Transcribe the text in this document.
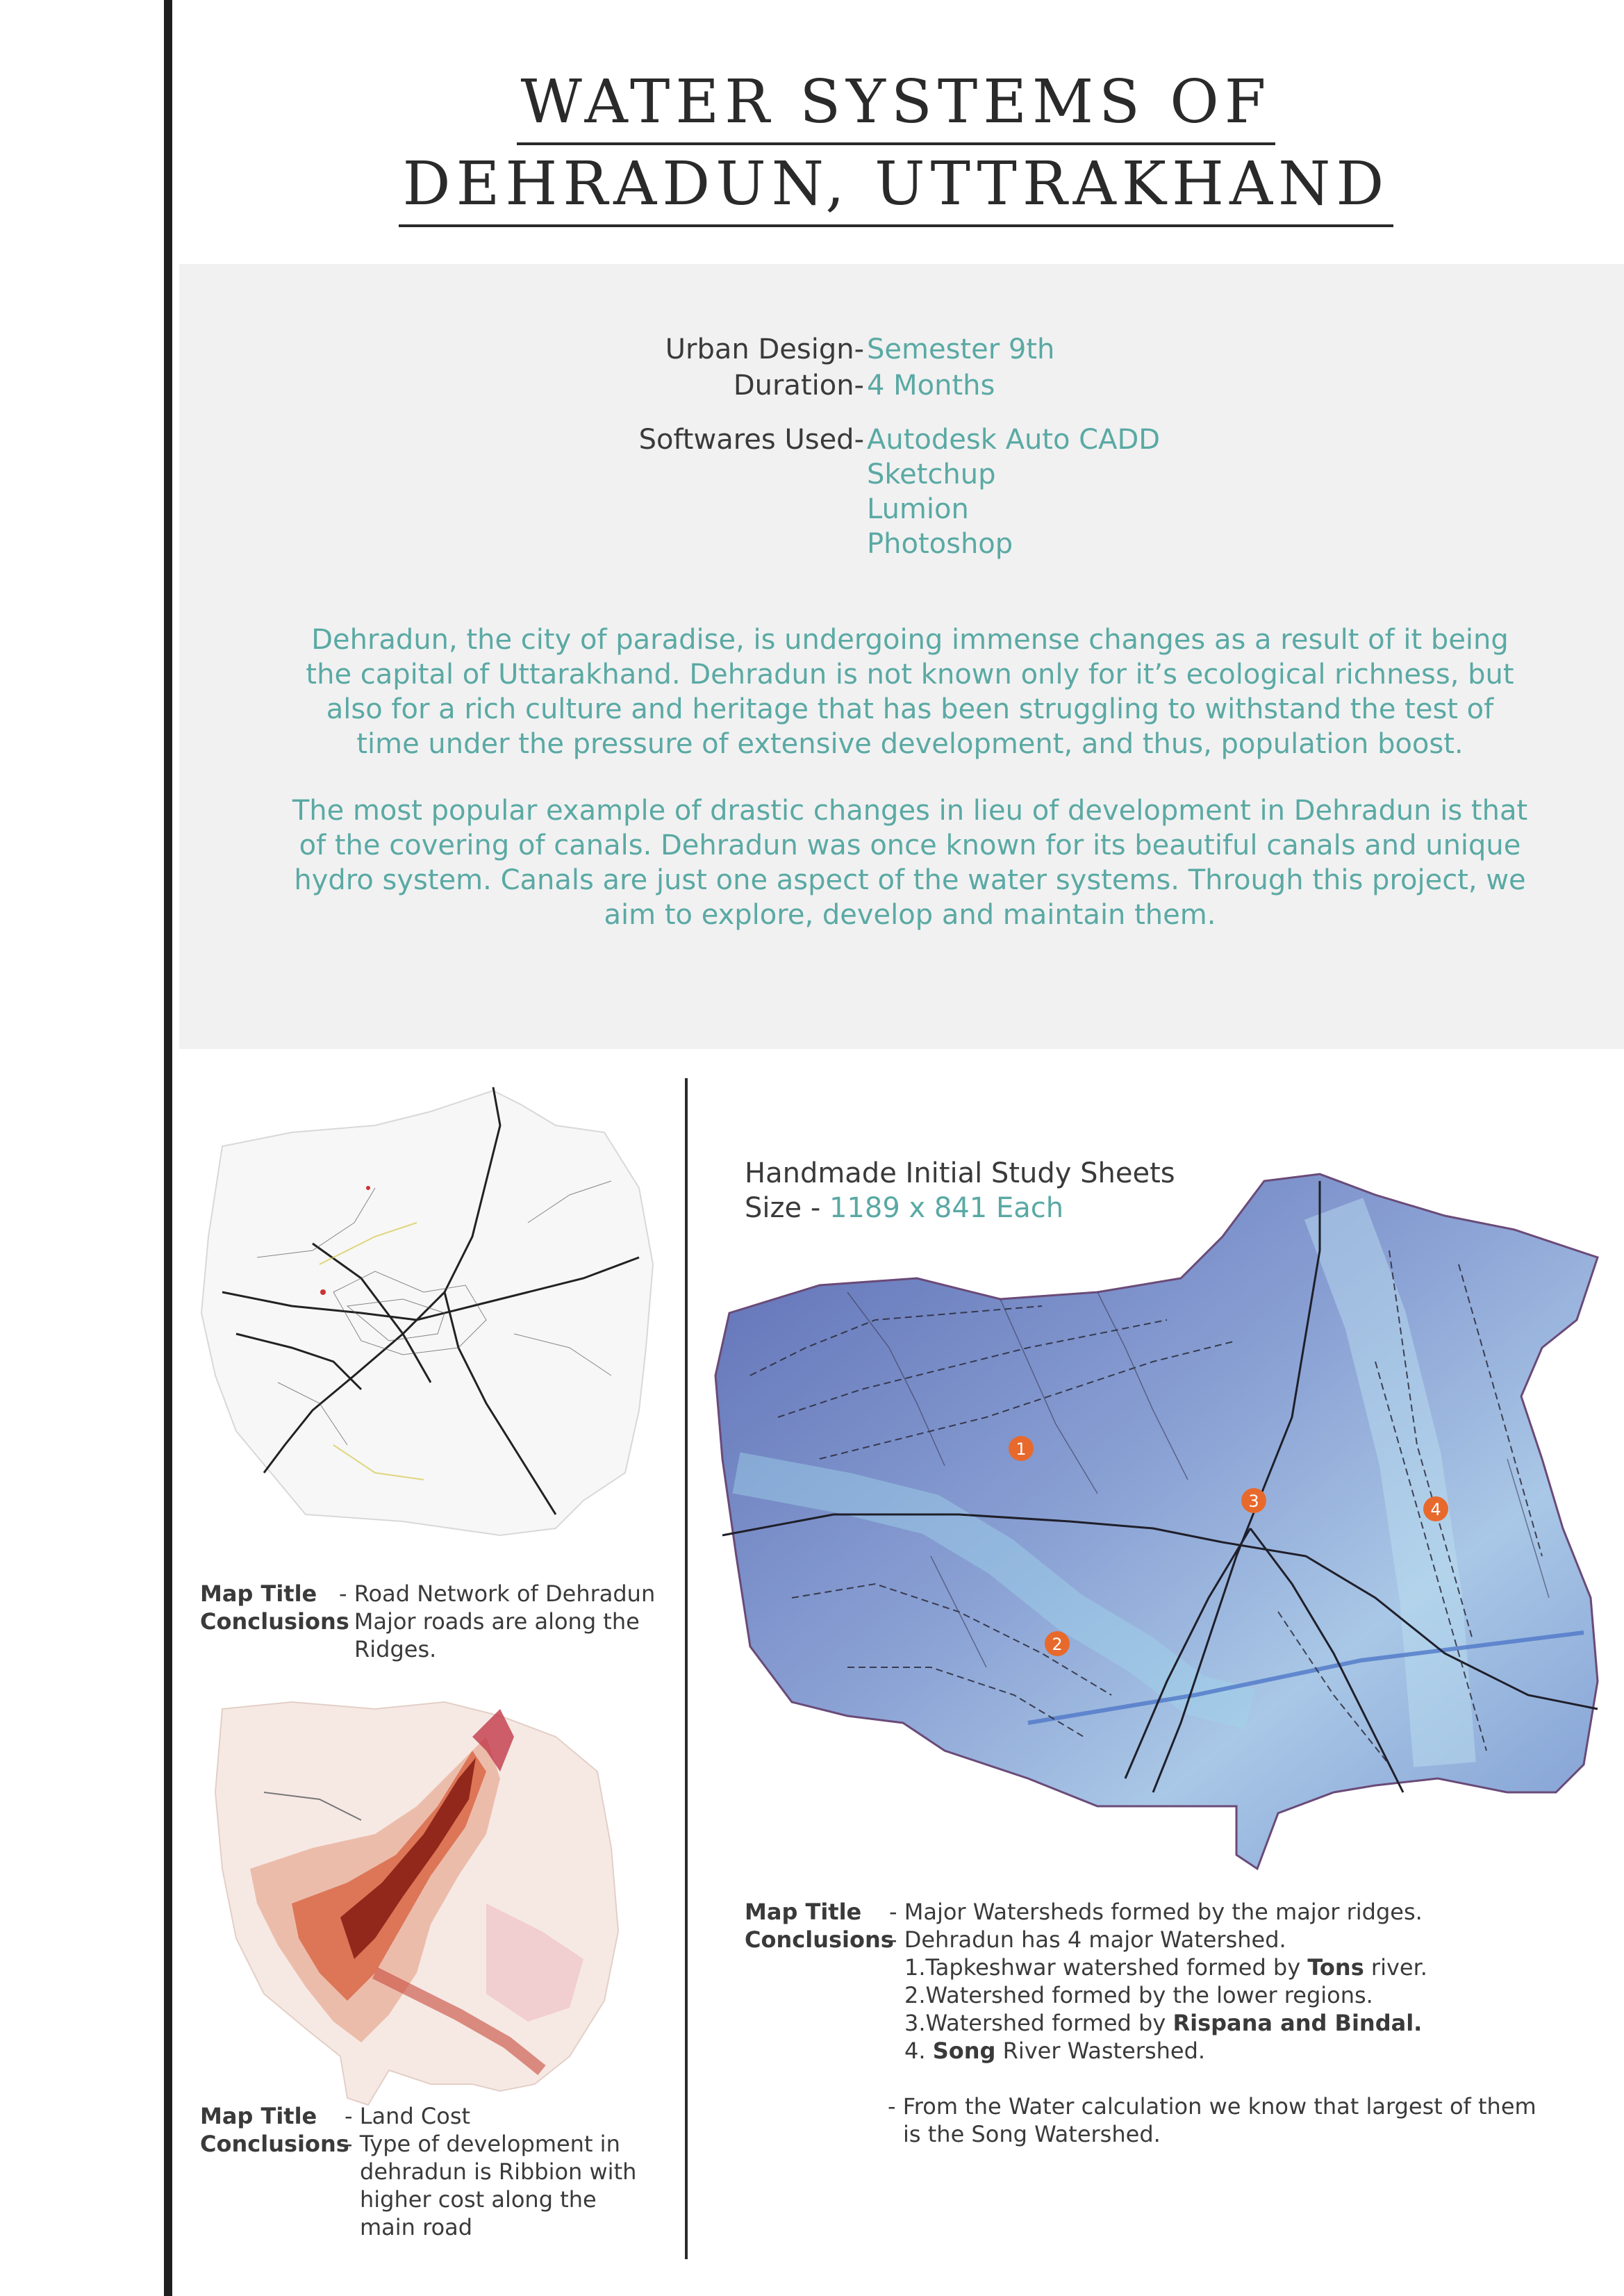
WATER SYSTEMS OF
DEHRADUN, UTTRAKHAND
Urban Design- Semester 9th
Duration- 4 Months
Softwares Used- Autodesk Auto CADD
Sketchup
Lumion
Photoshop
Dehradun, the city of paradise, is undergoing immense changes as a result of it being the capital of Uttarakhand. Dehradun is not known only for it’s ecological richness, but also for a rich culture and heritage that has been struggling to withstand the test of time under the pressure of extensive development, and thus, population boost.
The most popular example of drastic changes in lieu of development in Dehradun is that of the covering of canals. Dehradun was once known for its beautiful canals and unique hydro system. Canals are just one aspect of the water systems. Through this project, we aim to explore, develop and maintain them.
Map Title - Road Network of Dehradun
Conclusions
- Major roads are along the
Ridges.
Map Title	- Land Cost
Conclusions
- Type of development in
dehradun is Ribbion with
higher cost along the
main road
Handmade Initial Study Sheets
Size - 1189 x 841 Each
1
2
3	4
Map Title - Major Watersheds formed by the major ridges.
Conclusions
- Dehradun has 4 major Watershed.
1.Tapkeshwar watershed formed by Tons river.
2.Watershed formed by the lower regions.
3.Watershed formed by Rispana and Bindal.
4. Song River Wastershed.
- From the Water calculation we know that largest of them
is the Song Watershed.
